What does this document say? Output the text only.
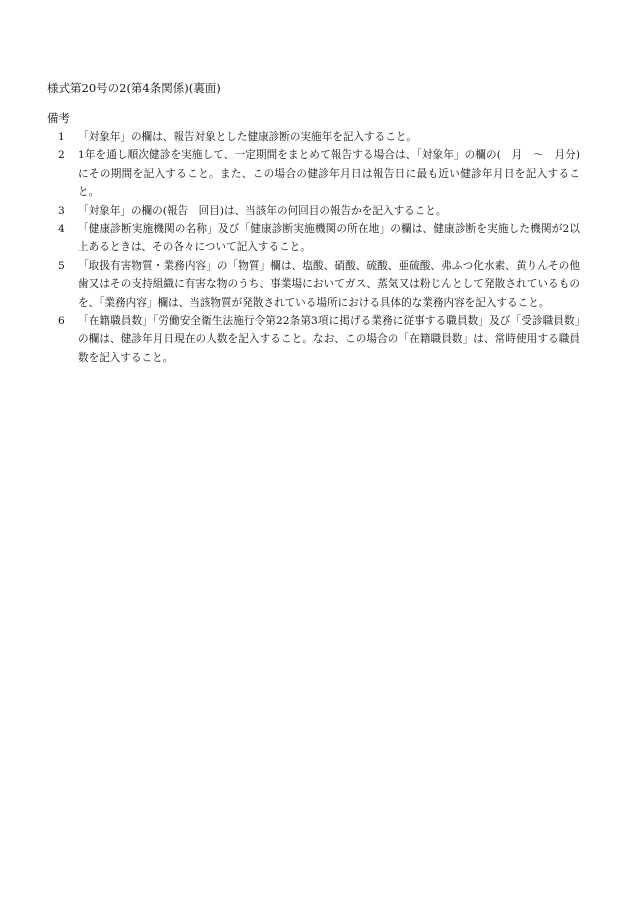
様式第20号の2(第4条関係)(裏面)
備考
1	「対象年」の欄は、報告対象とした健康診断の実施年を記入すること。
2	1年を通し順次健診を実施して、一定期間をまとめて報告する場合は、「対象年」の欄の(　月　～　月分)にその期間を記入すること。また、この場合の健診年月日は報告日に最も近い健診年月日を記入すること。
3	「対象年」の欄の(報告　回目)は、当該年の何回目の報告かを記入すること。
4	「健康診断実施機関の名称」及び「健康診断実施機関の所在地」の欄は、健康診断を実施した機関が2以上あるときは、その各々について記入すること。
5	「取扱有害物質・業務内容」の「物質」欄は、塩酸、硝酸、硫酸、亜硫酸、弗ふつ化水素、黄りんその他歯又はその支持組織に有害な物のうち、事業場においてガス、蒸気又は粉じんとして発散されているものを、「業務内容」欄は、当該物質が発散されている場所における具体的な業務内容を記入すること。
6	「在籍職員数」「労働安全衛生法施行令第22条第3項に掲げる業務に従事する職員数」及び「受診職員数」の欄は、健診年月日現在の人数を記入すること。なお、この場合の「在籍職員数」は、常時使用する職員数を記入すること。
